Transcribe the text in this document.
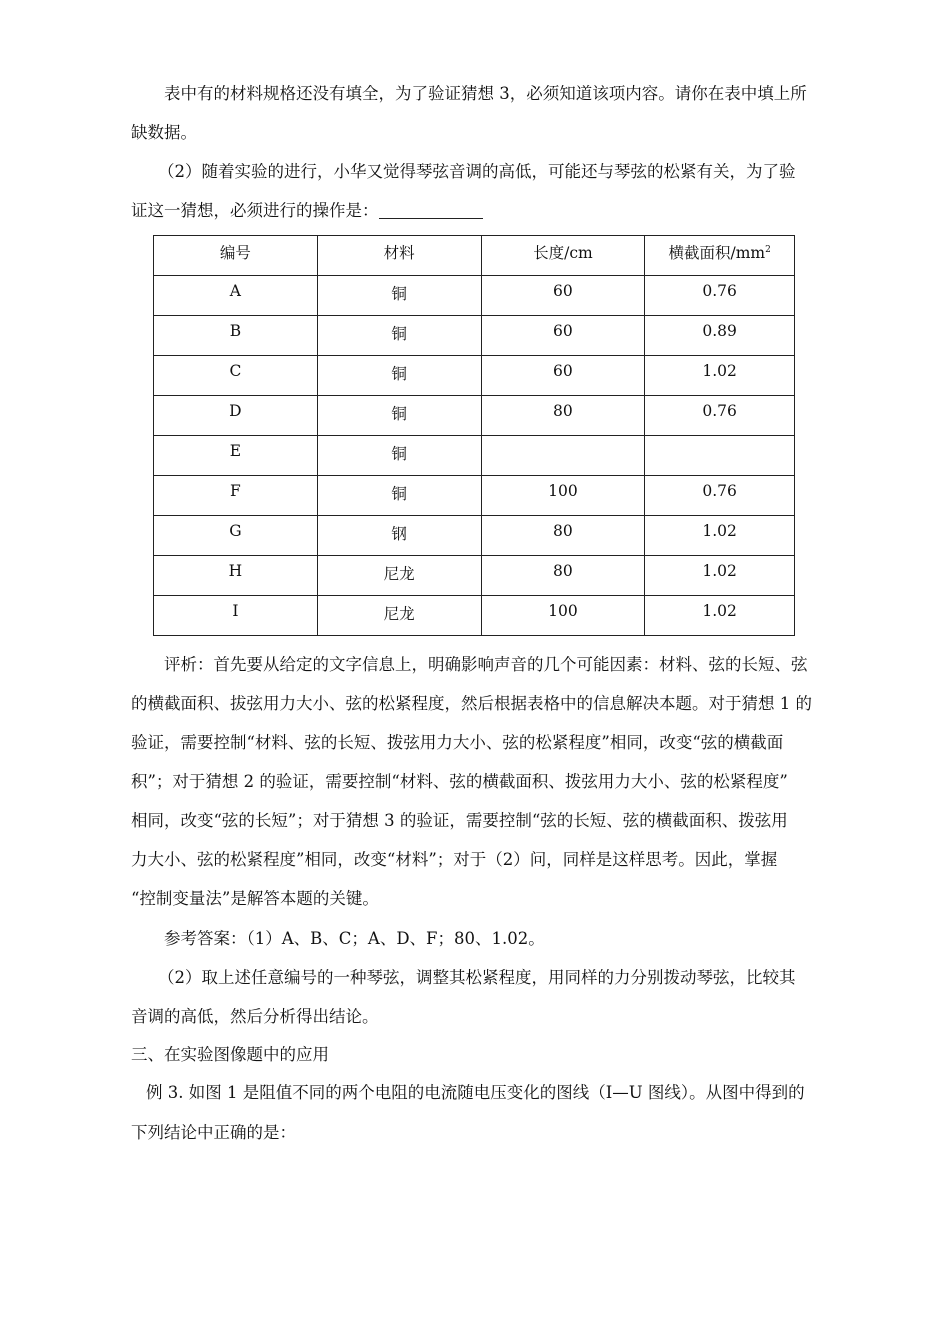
表中有的材料规格还没有填全，为了验证猜想 3，必须知道该项内容。请你在表中填上所
缺数据。
（2）随着实验的进行，小华又觉得琴弦音调的高低，可能还与琴弦的松紧有关，为了验
证这一猜想，必须进行的操作是：
编号	材料	长度/cm	横截面积$/mm^2$
A	铜	60	0.76
B	铜	60	0.89
C	铜	60	1.02
D	铜	80	0.76
E	铜		
F	铜	100	0.76
G	钢	80	1.02
H	尼龙	80	1.02
I	尼龙	100	1.02
评析：首先要从给定的文字信息上，明确影响声音的几个可能因素：材料、弦的长短、弦
的横截面积、拔弦用力大小、弦的松紧程度，然后根据表格中的信息解决本题。对于猜想 1 的
验证，需要控制“材料、弦的长短、拨弦用力大小、弦的松紧程度”相同，改变“弦的横截面
积”；对于猜想 2 的验证，需要控制“材料、弦的横截面积、拨弦用力大小、弦的松紧程度”
相同，改变“弦的长短”；对于猜想 3 的验证，需要控制“弦的长短、弦的横截面积、拨弦用
力大小、弦的松紧程度”相同，改变“材料”；对于（2）问，同样是这样思考。因此，掌握
“控制变量法”是解答本题的关键。
参考答案：（1）A、B、C；A、D、F；80、1.02。
（2）取上述任意编号的一种琴弦，调整其松紧程度，用同样的力分别拨动琴弦，比较其
音调的高低，然后分析得出结论。
三、在实验图像题中的应用
例 3. 如图 1 是阻值不同的两个电阻的电流随电压变化的图线（I—U 图线）。从图中得到的
下列结论中正确的是：
